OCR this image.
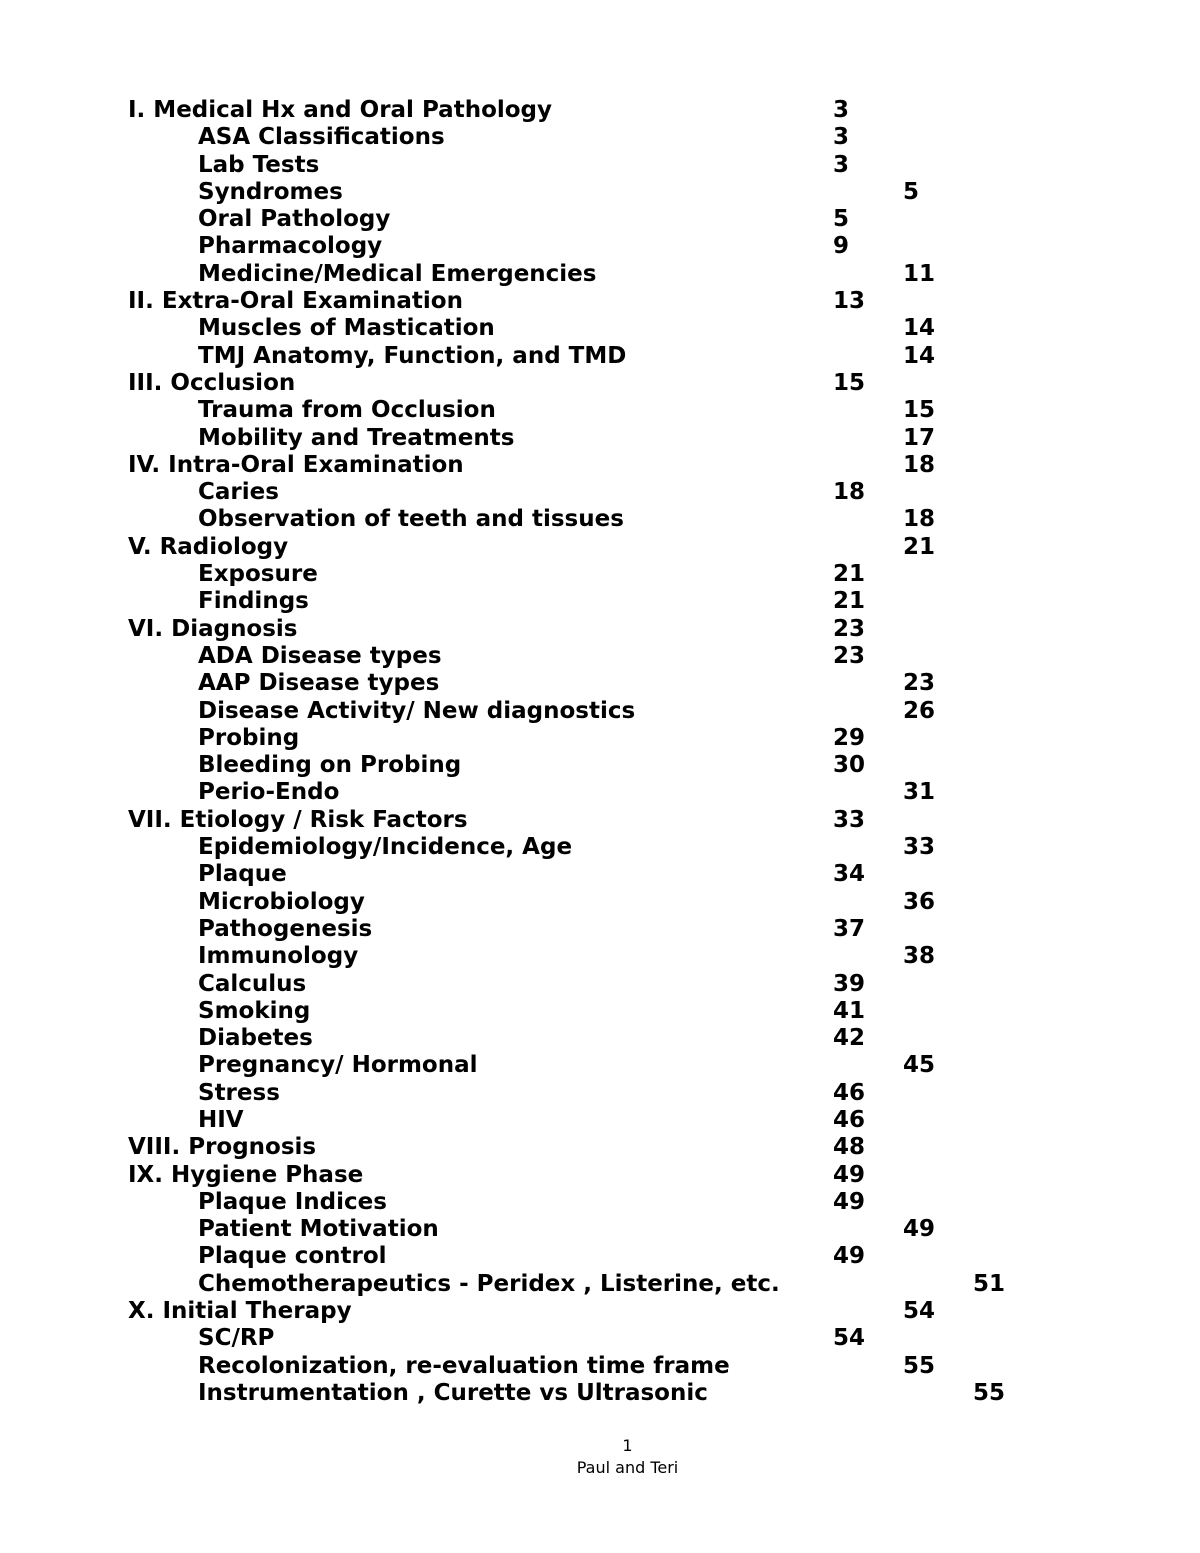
I. Medical Hx and Oral Pathology	3
ASA Classifications	3
Lab Tests	3
Syndromes	5
Oral Pathology	5
Pharmacology	9
Medicine/Medical Emergencies	11
II. Extra-Oral Examination	13
Muscles of Mastication	14
TMJ Anatomy, Function, and TMD	14
III. Occlusion	15
Trauma from Occlusion	15
Mobility and Treatments	17
IV. Intra-Oral Examination	18
Caries	18
Observation of teeth and tissues	18
V. Radiology	21
Exposure	21
Findings	21
VI. Diagnosis	23
ADA Disease types	23
AAP Disease types	23
Disease Activity/ New diagnostics	26
Probing	29
Bleeding on Probing	30
Perio-Endo	31
VII. Etiology / Risk Factors	33
Epidemiology/Incidence, Age	33
Plaque	34
Microbiology	36
Pathogenesis	37
Immunology	38
Calculus	39
Smoking	41
Diabetes	42
Pregnancy/ Hormonal	45
Stress	46
HIV	46
VIII. Prognosis	48
IX. Hygiene Phase	49
Plaque Indices	49
Patient Motivation	49
Plaque control	49
Chemotherapeutics - Peridex , Listerine, etc.	51
X. Initial Therapy	54
SC/RP	54
Recolonization, re-evaluation time frame	55
Instrumentation , Curette vs Ultrasonic	55
1
Paul and Teri
